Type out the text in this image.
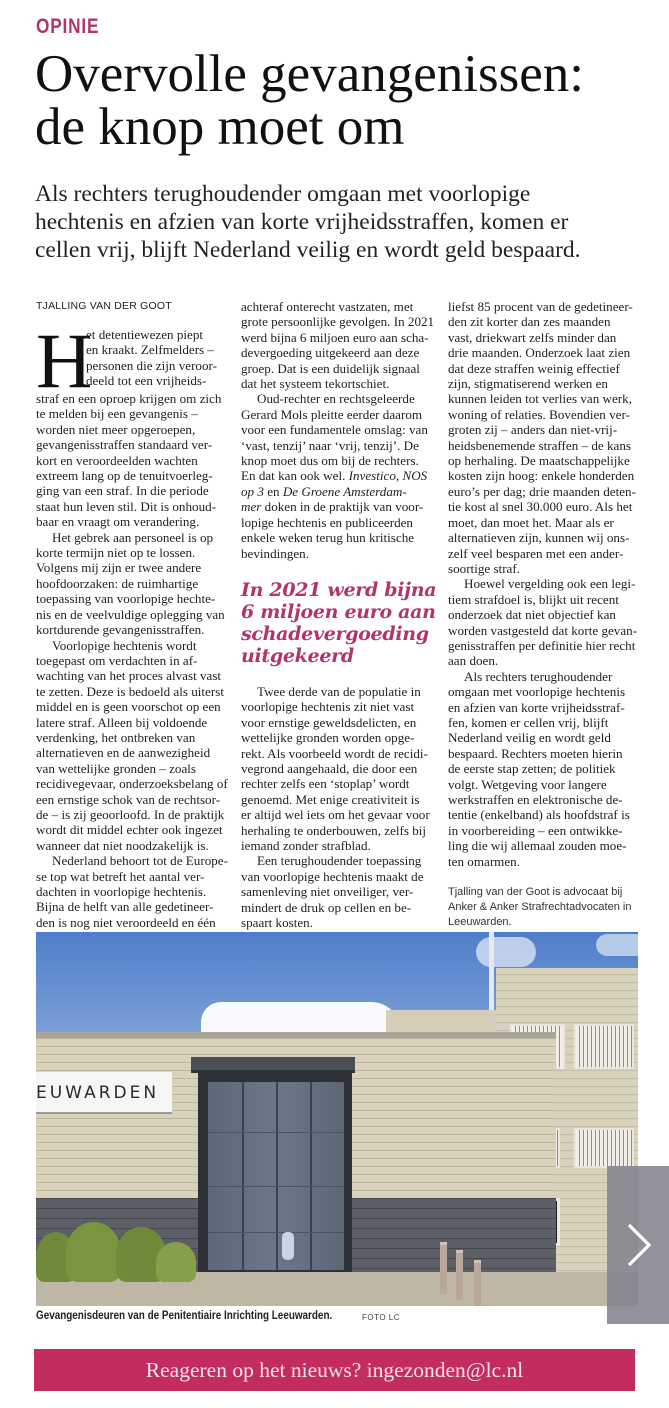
OPINIE
Overvolle gevangenissen:
de knop moet om
Als rechters terughoudender omgaan met voorlopige
hechtenis en afzien van korte vrijheidsstraffen, komen er
cellen vrij, blijft Nederland veilig en wordt geld bespaard.
TJALLING VAN DER GOOT
H
et detentiewezen piept
en kraakt. Zelfmelders –
personen die zijn veroor-
deeld tot een vrijheids-
straf en een oproep krijgen om zich
te melden bij een gevangenis –
worden niet meer opgeroepen,
gevangenisstraffen standaard ver-
kort en veroordeelden wachten
extreem lang op de tenuitvoerleg-
ging van een straf. In die periode
staat hun leven stil. Dit is onhoud-
baar en vraagt om verandering.

Het gebrek aan personeel is op

korte termijn niet op te lossen.
Volgens mij zijn er twee andere
hoofdoorzaken: de ruimhartige
toepassing van voorlopige hechte-
nis en de veelvuldige oplegging van
kortdurende gevangenisstraffen.

Voorlopige hechtenis wordt

toegepast om verdachten in af-
wachting van het proces alvast vast
te zetten. Deze is bedoeld als uiterst
middel en is geen voorschot op een
latere straf. Alleen bij voldoende
verdenking, het ontbreken van
alternatieven en de aanwezigheid
van wettelijke gronden – zoals
recidivegevaar, onderzoeksbelang of
een ernstige schok van de rechtsor-
de – is zij geoorloofd. In de praktijk
wordt dit middel echter ook ingezet
wanneer dat niet noodzakelijk is.

Nederland behoort tot de Europe-

se top wat betreft het aantal ver-
dachten in voorlopige hechtenis.
Bijna de helft van alle gedetineer-
den is nog niet veroordeeld en één

achteraf onterecht vastzaten, met
grote persoonlijke gevolgen. In 2021
werd bijna 6 miljoen euro aan scha-
devergoeding uitgekeerd aan deze
groep. Dat is een duidelijk signaal
dat het systeem tekortschiet.

Oud-rechter en rechtsgeleerde

Gerard Mols pleitte eerder daarom
voor een fundamentele omslag: van
‘vast, tenzij’ naar ‘vrij, tenzij’. De
knop moet dus om bij de rechters.
En dat kan ook wel. Investico, NOS
op 3 en De Groene Amsterdam-
mer doken in de praktijk van voor-
lopige hechtenis en publiceerden
enkele weken terug hun kritische
bevindingen.

In 2021 werd bijna
6 miljoen euro aan
schadevergoeding
uitgekeerd

Twee derde van de populatie in

voorlopige hechtenis zit niet vast
voor ernstige geweldsdelicten, en
wettelijke gronden worden opge-
rekt. Als voorbeeld wordt de recidi-
vegrond aangehaald, die door een
rechter zelfs een ‘stoplap’ wordt
genoemd. Met enige creativiteit is
er altijd wel iets om het gevaar voor
herhaling te onderbouwen, zelfs bij
iemand zonder strafblad.

Een terughoudender toepassing

van voorlopige hechtenis maakt de
samenleving niet onveiliger, ver-
mindert de druk op cellen en be-
spaart kosten.

liefst 85 procent van de gedetineer-
den zit korter dan zes maanden
vast, driekwart zelfs minder dan
drie maanden. Onderzoek laat zien
dat deze straffen weinig effectief
zijn, stigmatiserend werken en
kunnen leiden tot verlies van werk,
woning of relaties. Bovendien ver-
groten zij – anders dan niet-vrij-
heidsbenemende straffen – de kans
op herhaling. De maatschappelijke
kosten zijn hoog: enkele honderden
euro’s per dag; drie maanden deten-
tie kost al snel 30.000 euro. Als het
moet, dan moet het. Maar als er
alternatieven zijn, kunnen wij ons-
zelf veel besparen met een ander-
soortige straf.

Hoewel vergelding ook een legi-

tiem strafdoel is, blijkt uit recent
onderzoek dat niet objectief kan
worden vastgesteld dat korte gevan-
genisstraffen per definitie hier recht
aan doen.

Als rechters terughoudender

omgaan met voorlopige hechtenis
en afzien van korte vrijheidsstraf-
fen, komen er cellen vrij, blijft
Nederland veilig en wordt geld
bespaard. Rechters moeten hierin
de eerste stap zetten; de politiek
volgt. Wetgeving voor langere
werkstraffen en elektronische de-
tentie (enkelband) als hoofdstraf is
in voorbereiding – een ontwikke-
ling die wij allemaal zouden moe-
ten omarmen.

Tjalling van der Goot is advocaat bij
Anker & Anker Strafrechtadvocaten in
Leeuwarden.
EUWARDEN
Gevangenisdeuren van de Penitentiaire Inrichting Leeuwarden.	FOTO LC
Reageren op het nieuws? ingezonden@lc.nl
